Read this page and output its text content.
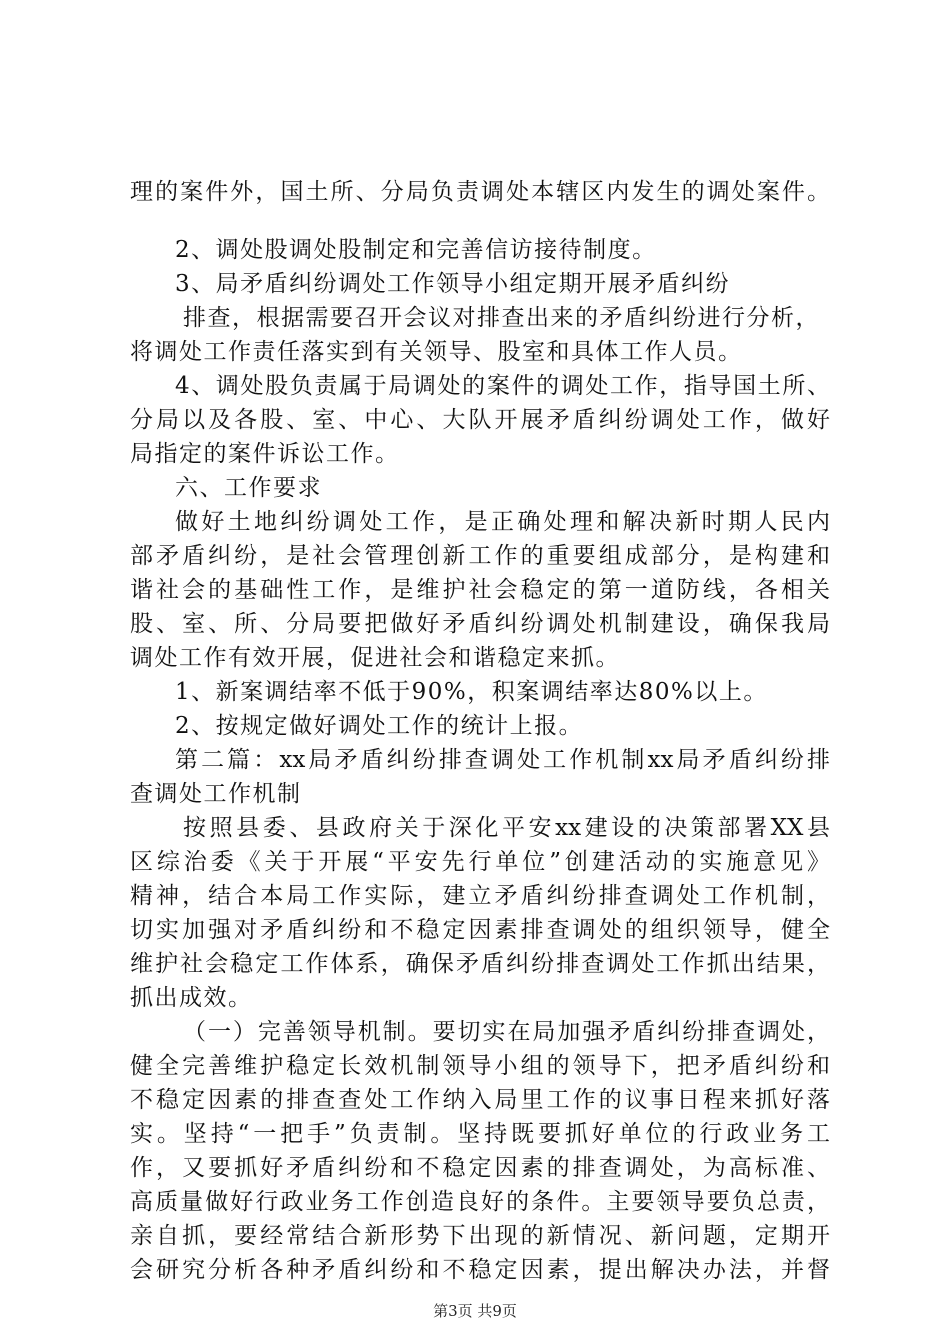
理的案件外，国土所、分局负责调处本辖区内发生的调处案件。
2、调处股调处股制定和完善信访接待制度。
3、局矛盾纠纷调处工作领导小组定期开展矛盾纠纷
排查，根据需要召开会议对排查出来的矛盾纠纷进行分析，
将调处工作责任落实到有关领导、股室和具体工作人员。
4、调处股负责属于局调处的案件的调处工作，指导国土所、
分局以及各股、室、中心、大队开展矛盾纠纷调处工作，做好
局指定的案件诉讼工作。
六、工作要求
做好土地纠纷调处工作，是正确处理和解决新时期人民内
部矛盾纠纷，是社会管理创新工作的重要组成部分，是构建和
谐社会的基础性工作，是维护社会稳定的第一道防线，各相关
股、室、所、分局要把做好矛盾纠纷调处机制建设，确保我局
调处工作有效开展，促进社会和谐稳定来抓。
1、新案调结率不低于90%，积案调结率达80%以上。
2、按规定做好调处工作的统计上报。
第二篇：xx局矛盾纠纷排查调处工作机制xx局矛盾纠纷排
查调处工作机制
按照县委、县政府关于深化平安xx建设的决策部署XX县
区综治委《关于开展“平安先行单位”创建活动的实施意见》
精神，结合本局工作实际，建立矛盾纠纷排查调处工作机制，
切实加强对矛盾纠纷和不稳定因素排查调处的组织领导，健全
维护社会稳定工作体系，确保矛盾纠纷排查调处工作抓出结果，
抓出成效。
（一）完善领导机制。要切实在局加强矛盾纠纷排查调处，
健全完善维护稳定长效机制领导小组的领导下，把矛盾纠纷和
不稳定因素的排查查处工作纳入局里工作的议事日程来抓好落
实。坚持“一把手”负责制。坚持既要抓好单位的行政业务工
作，又要抓好矛盾纠纷和不稳定因素的排查调处，为高标准、
高质量做好行政业务工作创造良好的条件。主要领导要负总责，
亲自抓，要经常结合新形势下出现的新情况、新问题，定期开
会研究分析各种矛盾纠纷和不稳定因素，提出解决办法，并督
第3页 共9页
